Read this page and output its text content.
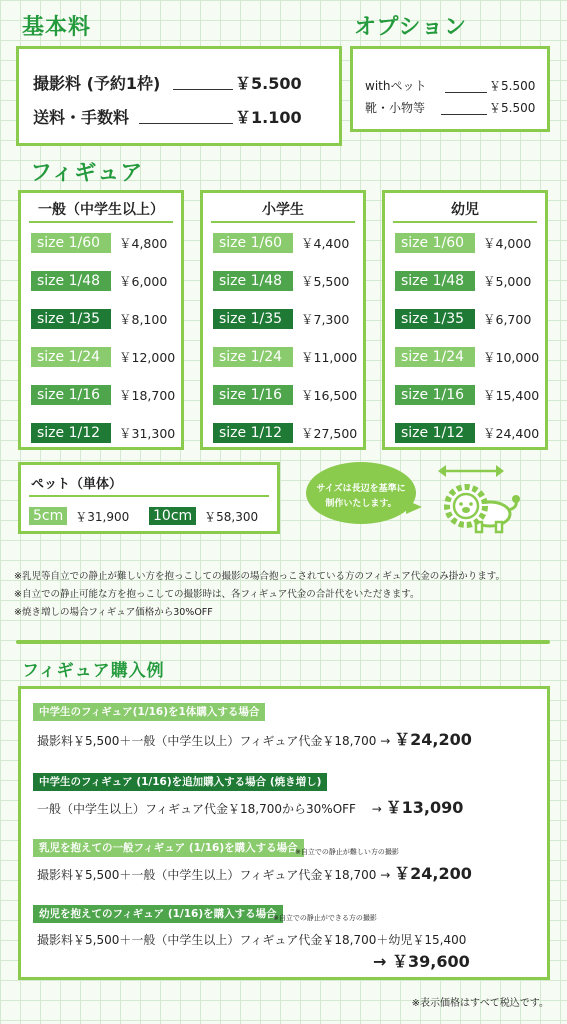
基本料
撮影料 (予約1枠)	￥5.500
送料・手数料	￥1.100
オプション
withペット	￥5.500
靴・小物等	￥5.500
フィギュア
一般（中学生以上）
size 1/60	￥4,800
size 1/48	￥6,000
size 1/35	￥8,100
size 1/24	￥12,000
size 1/16	￥18,700
size 1/12	￥31,300
小学生
size 1/60	￥4,400
size 1/48	￥5,500
size 1/35	￥7,300
size 1/24	￥11,000
size 1/16	￥16,500
size 1/12	￥27,500
幼児
size 1/60	￥4,000
size 1/48	￥5,000
size 1/35	￥6,700
size 1/24	￥10,000
size 1/16	￥15,400
size 1/12	￥24,400
ペット（単体）
5cm	￥31,900 10cm	￥58,300
サイズは長辺を基準に
制作いたします。
※乳児等自立での静止が難しい方を抱っこしての撮影の場合抱っこされている方のフィギュア代金のみ掛かります。
※自立での静止可能な方を抱っこしての撮影時は、各フィギュア代金の合計代をいただきます。
※焼き増しの場合フィギュア価格から30%OFF
フィギュア購入例
中学生のフィギュア(1/16)を1体購入する場合
撮影料￥5,500＋一般（中学生以上）フィギュア代金￥18,700 → ￥24,200
中学生のフィギュア (1/16)を追加購入する場合 (焼き増し)
一般（中学生以上）フィギュア代金￥18,700から30%OFF　 → ￥13,090
乳児を抱えての一般フィギュア (1/16)を購入する場合
※自立での静止が難しい方の撮影
撮影料￥5,500＋一般（中学生以上）フィギュア代金￥18,700 → ￥24,200
幼児を抱えてのフィギュア (1/16)を購入する場合
※自立での静止ができる方の撮影
撮影料￥5,500＋一般（中学生以上）フィギュア代金￥18,700＋幼児￥15,400
→ ￥39,600
※表示価格はすべて税込です。
